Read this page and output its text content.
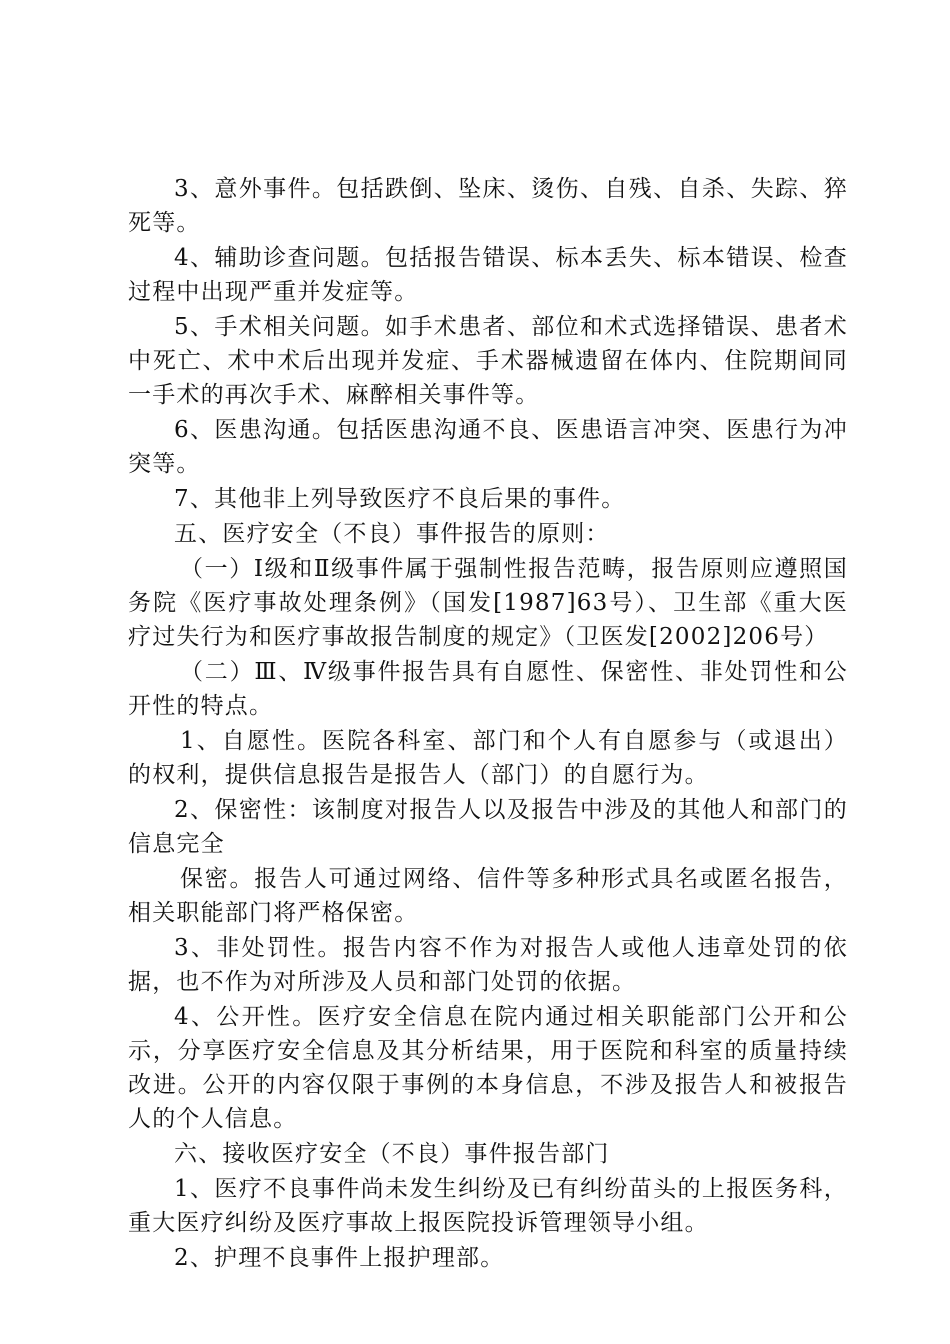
3、意外事件。包括跌倒、坠床、烫伤、自残、自杀、失踪、猝死等。

4、辅助诊查问题。包括报告错误、标本丢失、标本错误、检查过程中出现严重并发症等。

5、手术相关问题。如手术患者、部位和术式选择错误、患者术中死亡、术中术后出现并发症、手术器械遗留在体内、住院期间同一手术的再次手术、麻醉相关事件等。

6、医患沟通。包括医患沟通不良、医患语言冲突、医患行为冲突等。

7、其他非上列导致医疗不良后果的事件。

五、医疗安全（不良）事件报告的原则：

（一）Ⅰ级和Ⅱ级事件属于强制性报告范畴，报告原则应遵照国务院《医疗事故处理条例》（国发[1987]63号）、卫生部《重大医疗过失行为和医疗事故报告制度的规定》（卫医发[2002]206号）

（二）Ⅲ、Ⅳ级事件报告具有自愿性、保密性、非处罚性和公开性的特点。

1、自愿性。医院各科室、部门和个人有自愿参与（或退出）的权利，提供信息报告是报告人（部门）的自愿行为。

2、保密性：该制度对报告人以及报告中涉及的其他人和部门的信息完全

保密。报告人可通过网络、信件等多种形式具名或匿名报告，相关职能部门将严格保密。

3、非处罚性。报告内容不作为对报告人或他人违章处罚的依据，也不作为对所涉及人员和部门处罚的依据。

4、公开性。医疗安全信息在院内通过相关职能部门公开和公示，分享医疗安全信息及其分析结果，用于医院和科室的质量持续改进。公开的内容仅限于事例的本身信息，不涉及报告人和被报告人的个人信息。

六、接收医疗安全（不良）事件报告部门

1、医疗不良事件尚未发生纠纷及已有纠纷苗头的上报医务科，重大医疗纠纷及医疗事故上报医院投诉管理领导小组。

2、护理不良事件上报护理部。
